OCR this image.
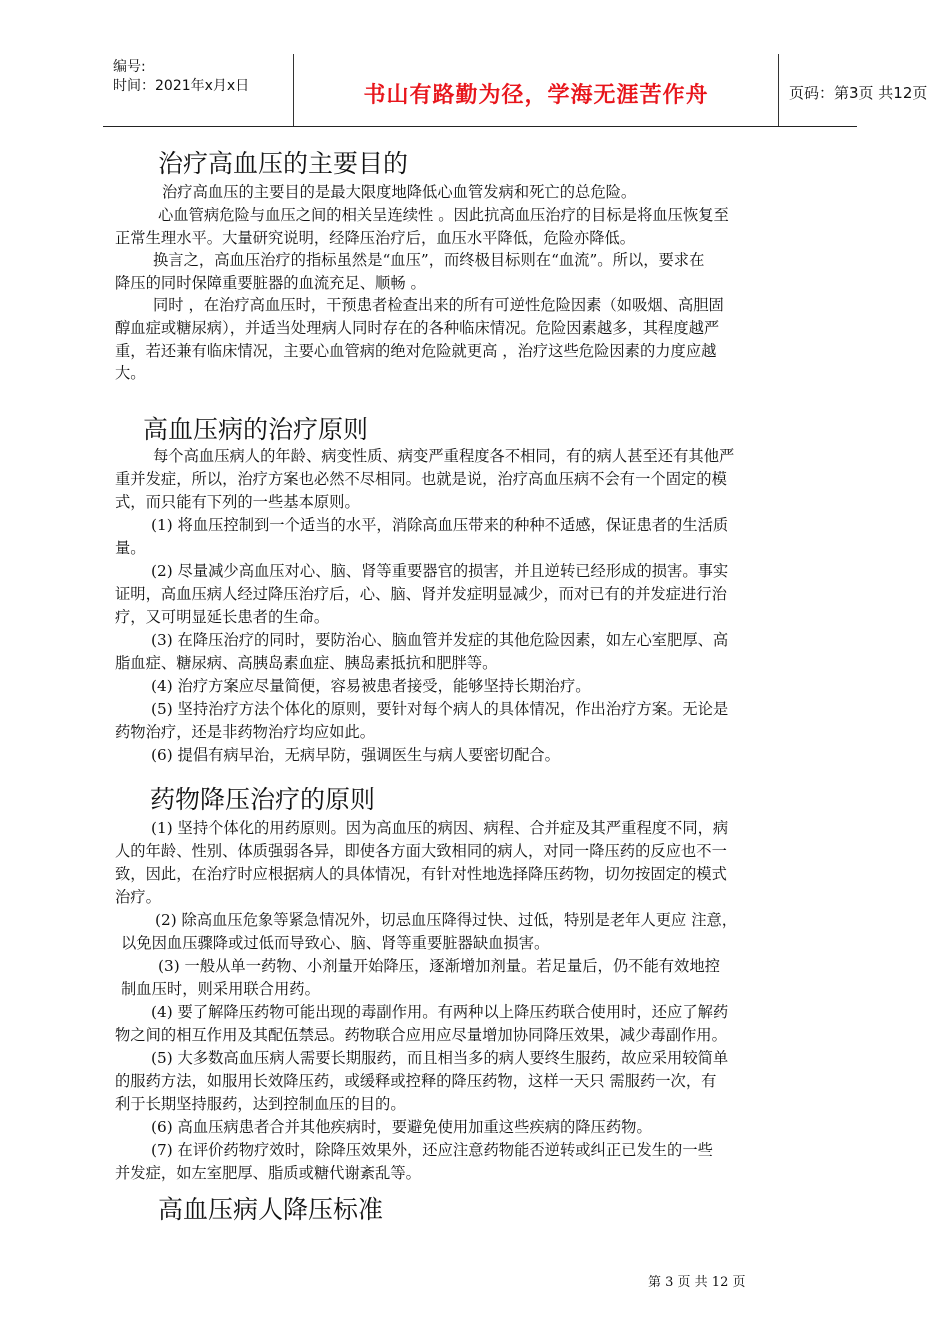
编号:
时间：2021年x月x日	书山有路勤为径，学海无涯苦作舟	页码：第3页 共12页
治疗高血压的主要目的
治疗高血压的主要目的是最大限度地降低心血管发病和死亡的总危险。
心血管病危险与血压之间的相关呈连续性 。因此抗高血压治疗的目标是将血压恢复至
正常生理水平。大量研究说明，经降压治疗后，血压水平降低，危险亦降低。
换言之，高血压治疗的指标虽然是“血压”，而终极目标则在“血流”。所以，要求在
降压的同时保障重要脏器的血流充足、顺畅 。
同时 ，在治疗高血压时，干预患者检查出来的所有可逆性危险因素（如吸烟、高胆固
醇血症或糖尿病），并适当处理病人同时存在的各种临床情况。危险因素越多，其程度越严
重，若还兼有临床情况，主要心血管病的绝对危险就更高 ，治疗这些危险因素的力度应越
大。
高血压病的治疗原则
每个高血压病人的年龄、病变性质、病变严重程度各不相同，有的病人甚至还有其他严
重并发症，所以，治疗方案也必然不尽相同。也就是说，治疗高血压病不会有一个固定的模
式，而只能有下列的一些基本原则。
(1) 将血压控制到一个适当的水平，消除高血压带来的种种不适感，保证患者的生活质
量。
(2) 尽量减少高血压对心、脑、肾等重要器官的损害，并且逆转已经形成的损害。事实
证明，高血压病人经过降压治疗后，心、脑、肾并发症明显减少，而对已有的并发症进行治
疗，又可明显延长患者的生命。
(3) 在降压治疗的同时，要防治心、脑血管并发症的其他危险因素，如左心室肥厚、高
脂血症、糖尿病、高胰岛素血症、胰岛素抵抗和肥胖等。
(4) 治疗方案应尽量简便，容易被患者接受，能够坚持长期治疗。
(5) 坚持治疗方法个体化的原则，要针对每个病人的具体情况，作出治疗方案。无论是
药物治疗，还是非药物治疗均应如此。
(6) 提倡有病早治，无病早防，强调医生与病人要密切配合。
药物降压治疗的原则
(1) 坚持个体化的用药原则。因为高血压的病因、病程、合并症及其严重程度不同，病
人的年龄、性别、体质强弱各异，即使各方面大致相同的病人，对同一降压药的反应也不一
致，因此，在治疗时应根据病人的具体情况，有针对性地选择降压药物，切勿按固定的模式
治疗。
(2) 除高血压危象等紧急情况外，切忌血压降得过快、过低，特别是老年人更应 注意，
以免因血压骤降或过低而导致心、脑、肾等重要脏器缺血损害。
(3) 一般从单一药物、小剂量开始降压，逐渐增加剂量。若足量后，仍不能有效地控
制血压时，则采用联合用药。
(4) 要了解降压药物可能出现的毒副作用。有两种以上降压药联合使用时，还应了解药
物之间的相互作用及其配伍禁忌。药物联合应用应尽量增加协同降压效果，减少毒副作用。
(5) 大多数高血压病人需要长期服药，而且相当多的病人要终生服药，故应采用较简单
的服药方法，如服用长效降压药，或缓释或控释的降压药物，这样一天只 需服药一次，有
利于长期坚持服药，达到控制血压的目的。
(6) 高血压病患者合并其他疾病时，要避免使用加重这些疾病的降压药物。
(7) 在评价药物疗效时，除降压效果外，还应注意药物能否逆转或纠正已发生的一些
并发症，如左室肥厚、脂质或糖代谢紊乱等。
高血压病人降压标准
第 3 页 共 12 页
